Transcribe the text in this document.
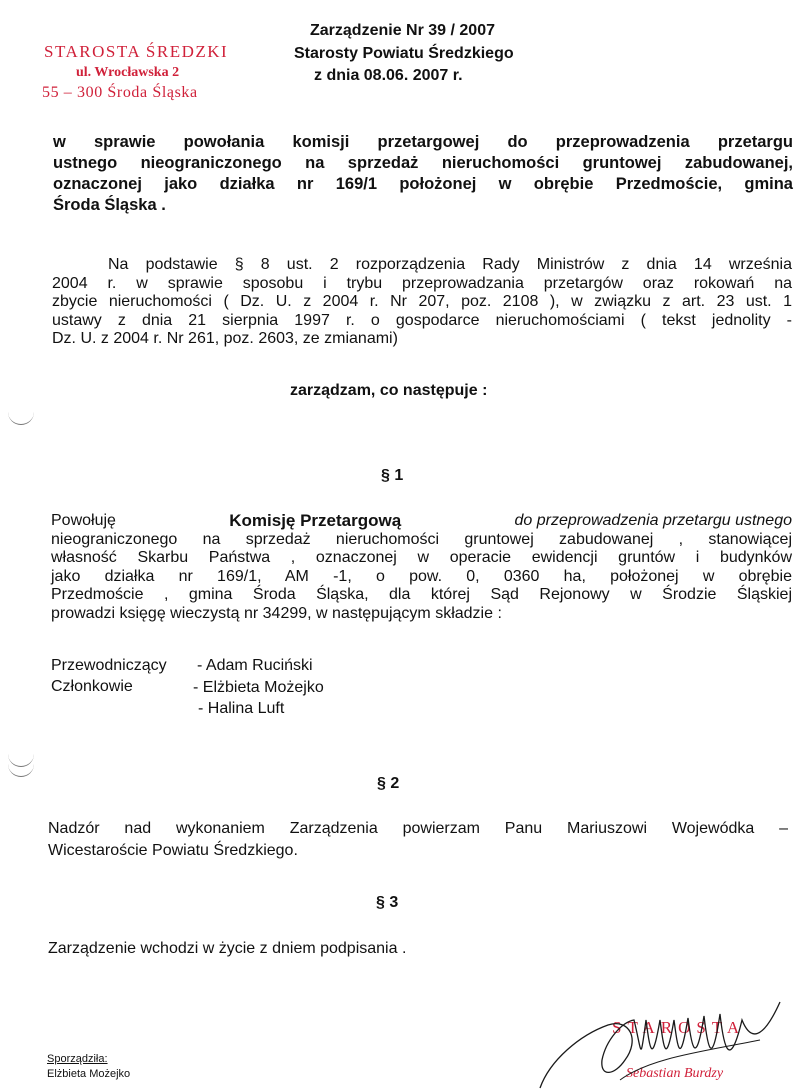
STAROSTA ŚREDZKI
ul. Wrocławska 2
55 – 300 Środa Śląska
Zarządzenie Nr 39 / 2007
Starosty Powiatu Średzkiego
z dnia 08.06. 2007 r.
w sprawie powołania komisji przetargowej do przeprowadzenia przetargu
ustnego nieograniczonego na sprzedaż nieruchomości gruntowej zabudowanej,
oznaczonej jako działka nr 169/1 położonej w obrębie Przedmoście, gmina
Środa Śląska .
Na podstawie § 8 ust. 2 rozporządzenia Rady Ministrów z dnia 14 września
2004 r. w sprawie sposobu i trybu przeprowadzania przetargów oraz rokowań na
zbycie nieruchomości ( Dz. U. z 2004 r. Nr 207, poz. 2108 ), w związku z art. 23 ust. 1
ustawy z dnia 21 sierpnia 1997 r. o gospodarce nieruchomościami ( tekst jednolity -
Dz. U. z 2004 r. Nr 261, poz. 2603, ze zmianami)
zarządzam, co następuje :
§ 1
Powołuję	Komisję Przetargową	do przeprowadzenia przetargu ustnego
nieograniczonego na sprzedaż nieruchomości gruntowej zabudowanej , stanowiącej
własność Skarbu Państwa , oznaczonej w operacie ewidencji gruntów i budynków
jako działka nr 169/1, AM -1, o pow. 0, 0360 ha, położonej w obrębie
Przedmoście , gmina Środa Śląska, dla której Sąd Rejonowy w Środzie Śląskiej
prowadzi księgę wieczystą nr 34299, w następującym składzie :
Przewodniczący - Adam Ruciński
Członkowie	- Elżbieta Możejko
- Halina Luft
§ 2
Nadzór nad wykonaniem Zarządzenia powierzam Panu Mariuszowi Wojewódka –
Wicestaroście Powiatu Średzkiego.
§ 3
Zarządzenie wchodzi w życie z dniem podpisania .
STAROSTA
Sebastian Burdzy
Sporządziła:
Elżbieta Możejko
